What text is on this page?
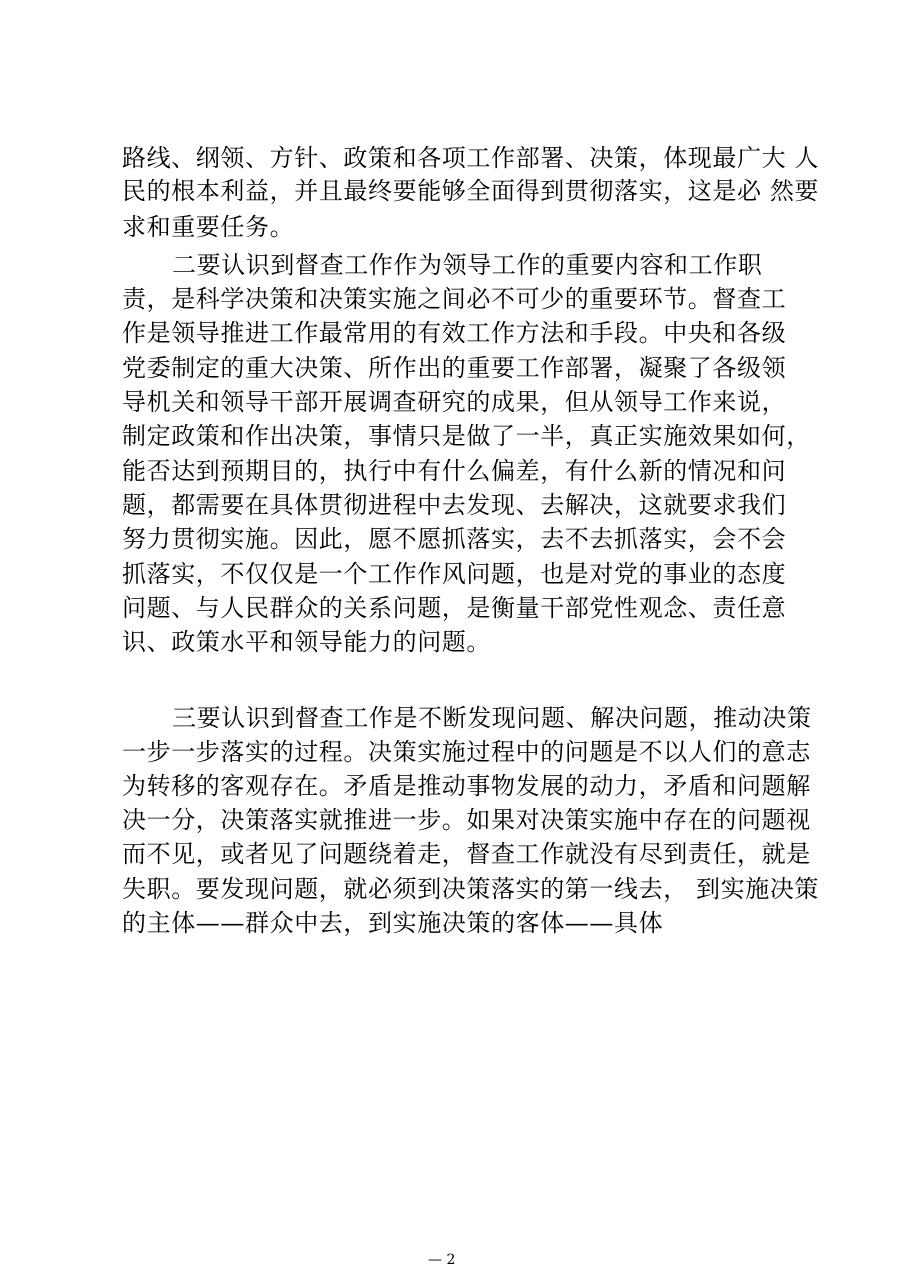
路线、纲领、方针、政策和各项工作部署、决策，体现最广大 人
民的根本利益，并且最终要能够全面得到贯彻落实，这是必 然要
求和重要任务。
二要认识到督查工作作为领导工作的重要内容和工作职
责，是科学决策和决策实施之间必不可少的重要环节。督查工
作是领导推进工作最常用的有效工作方法和手段。中央和各级
党委制定的重大决策、所作出的重要工作部署，凝聚了各级领
导机关和领导干部开展调查研究的成果，但从领导工作来说，
制定政策和作出决策，事情只是做了一半，真正实施效果如何，
能否达到预期目的，执行中有什么偏差，有什么新的情况和问
题，都需要在具体贯彻进程中去发现、去解决，这就要求我们
努力贯彻实施。因此，愿不愿抓落实，去不去抓落实，会不会
抓落实，不仅仅是一个工作作风问题，也是对党的事业的态度
问题、与人民群众的关系问题，是衡量干部党性观念、责任意
识、政策水平和领导能力的问题。
三要认识到督查工作是不断发现问题、解决问题，推动决策
一步一步落实的过程。决策实施过程中的问题是不以人们的意志
为转移的客观存在。矛盾是推动事物发展的动力，矛盾和问题解
决一分，决策落实就推进一步。如果对决策实施中存在的问题视
而不见，或者见了问题绕着走，督查工作就没有尽到责任，就是
失职。要发现问题，就必须到决策落实的第一线去， 到实施决策
的主体——群众中去，到实施决策的客体——具体
— 2
